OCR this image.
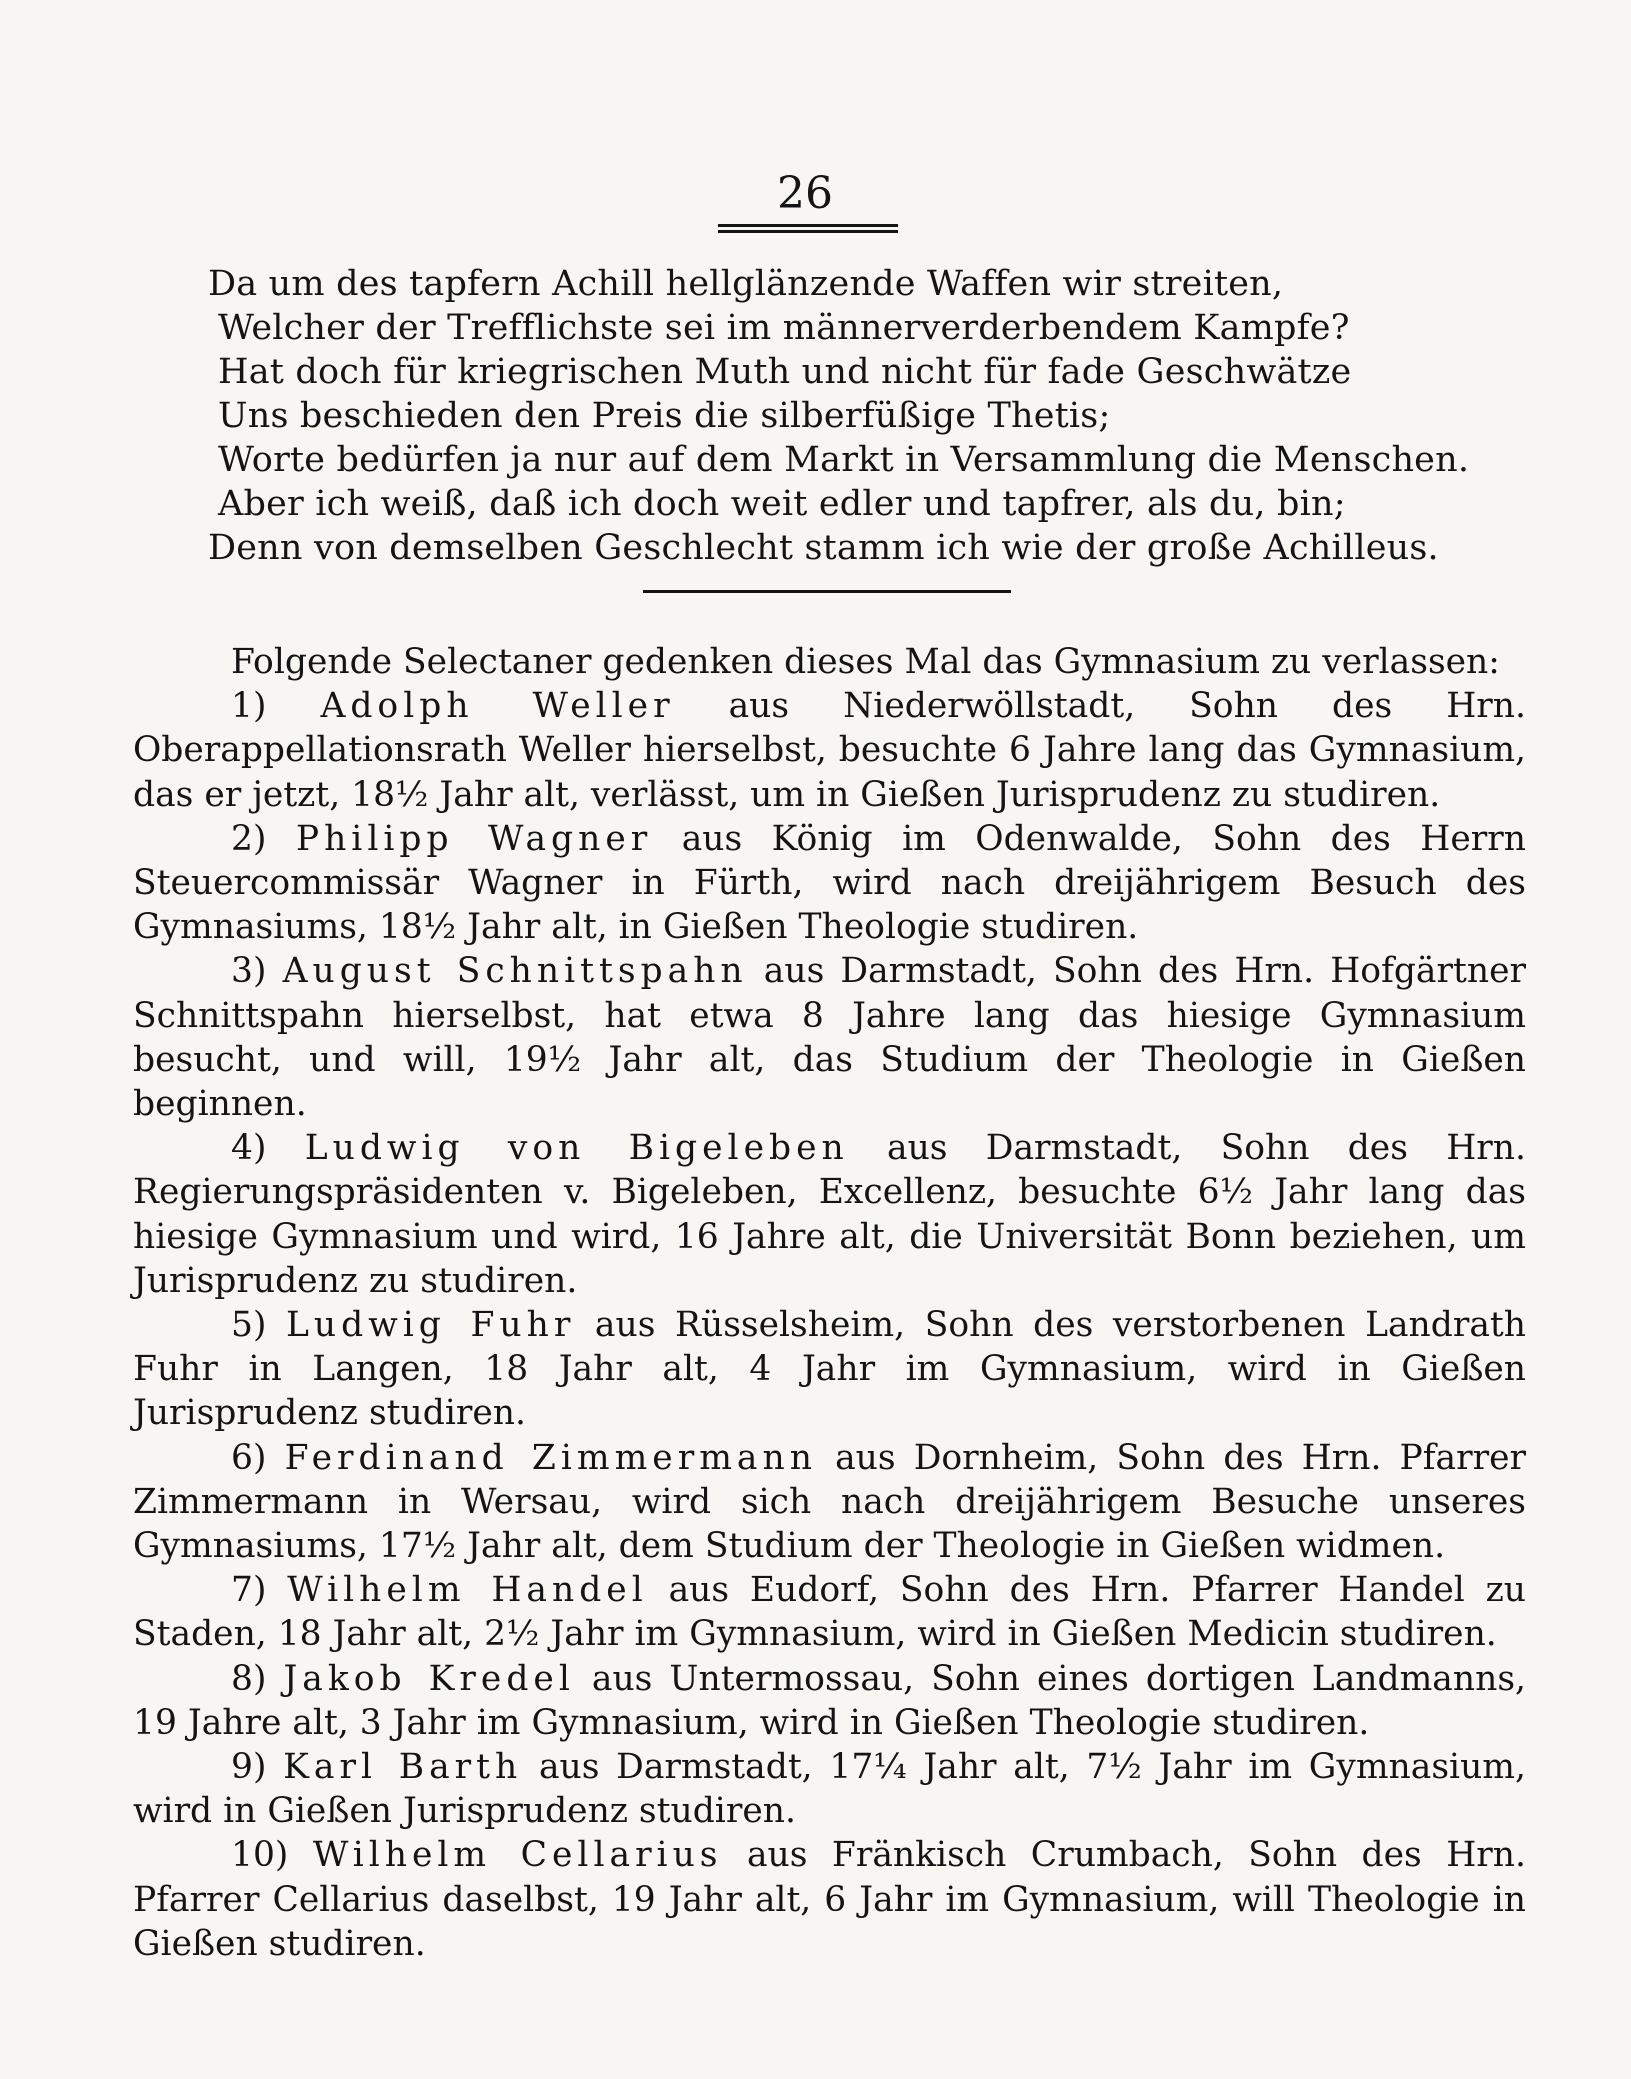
26
Da um des tapfern Achill hellglänzende Waffen wir streiten,
Welcher der Trefflichste sei im männerverderbendem Kampfe?
Hat doch für kriegrischen Muth und nicht für fade Geschwätze
Uns beschieden den Preis die silberfüßige Thetis;
Worte bedürfen ja nur auf dem Markt in Versammlung die Menschen.
Aber ich weiß, daß ich doch weit edler und tapfrer, als du, bin;
Denn von demselben Geschlecht stamm ich wie der große Achilleus.

Folgende Selectaner gedenken dieses Mal das Gymnasium zu verlassen:

1) Adolph Weller aus Niederwöllstadt, Sohn des Hrn. Oberappellationsrath Weller hierselbst, besuchte 6 Jahre lang das Gymnasium, das er jetzt, 18½ Jahr alt, verlässt, um in Gießen Jurisprudenz zu studiren.

2) Philipp Wagner aus König im Odenwalde, Sohn des Herrn Steuercommissär Wagner in Fürth, wird nach dreijährigem Besuch des Gymnasiums, 18½ Jahr alt, in Gießen Theologie studiren.

3) August Schnittspahn aus Darmstadt, Sohn des Hrn. Hofgärtner Schnittspahn hierselbst, hat etwa 8 Jahre lang das hiesige Gymnasium besucht, und will, 19½ Jahr alt, das Studium der Theologie in Gießen beginnen.

4) Ludwig von Bigeleben aus Darmstadt, Sohn des Hrn. Regierungspräsidenten v. Bigeleben, Excellenz, besuchte 6½ Jahr lang das hiesige Gymnasium und wird, 16 Jahre alt, die Universität Bonn beziehen, um Jurisprudenz zu studiren.

5) Ludwig Fuhr aus Rüsselsheim, Sohn des verstorbenen Landrath Fuhr in Langen, 18 Jahr alt, 4 Jahr im Gymnasium, wird in Gießen Jurisprudenz studiren.

6) Ferdinand Zimmermann aus Dornheim, Sohn des Hrn. Pfarrer Zimmermann in Wersau, wird sich nach dreijährigem Besuche unseres Gymnasiums, 17½ Jahr alt, dem Studium der Theologie in Gießen widmen.

7) Wilhelm Handel aus Eudorf, Sohn des Hrn. Pfarrer Handel zu Staden, 18 Jahr alt, 2½ Jahr im Gymnasium, wird in Gießen Medicin studiren.

8) Jakob Kredel aus Untermossau, Sohn eines dortigen Landmanns, 19 Jahre alt, 3 Jahr im Gymnasium, wird in Gießen Theologie studiren.

9) Karl Barth aus Darmstadt, 17¼ Jahr alt, 7½ Jahr im Gymnasium, wird in Gießen Jurisprudenz studiren.

10) Wilhelm Cellarius aus Fränkisch Crumbach, Sohn des Hrn. Pfarrer Cellarius daselbst, 19 Jahr alt, 6 Jahr im Gymnasium, will Theologie in Gießen studiren.
